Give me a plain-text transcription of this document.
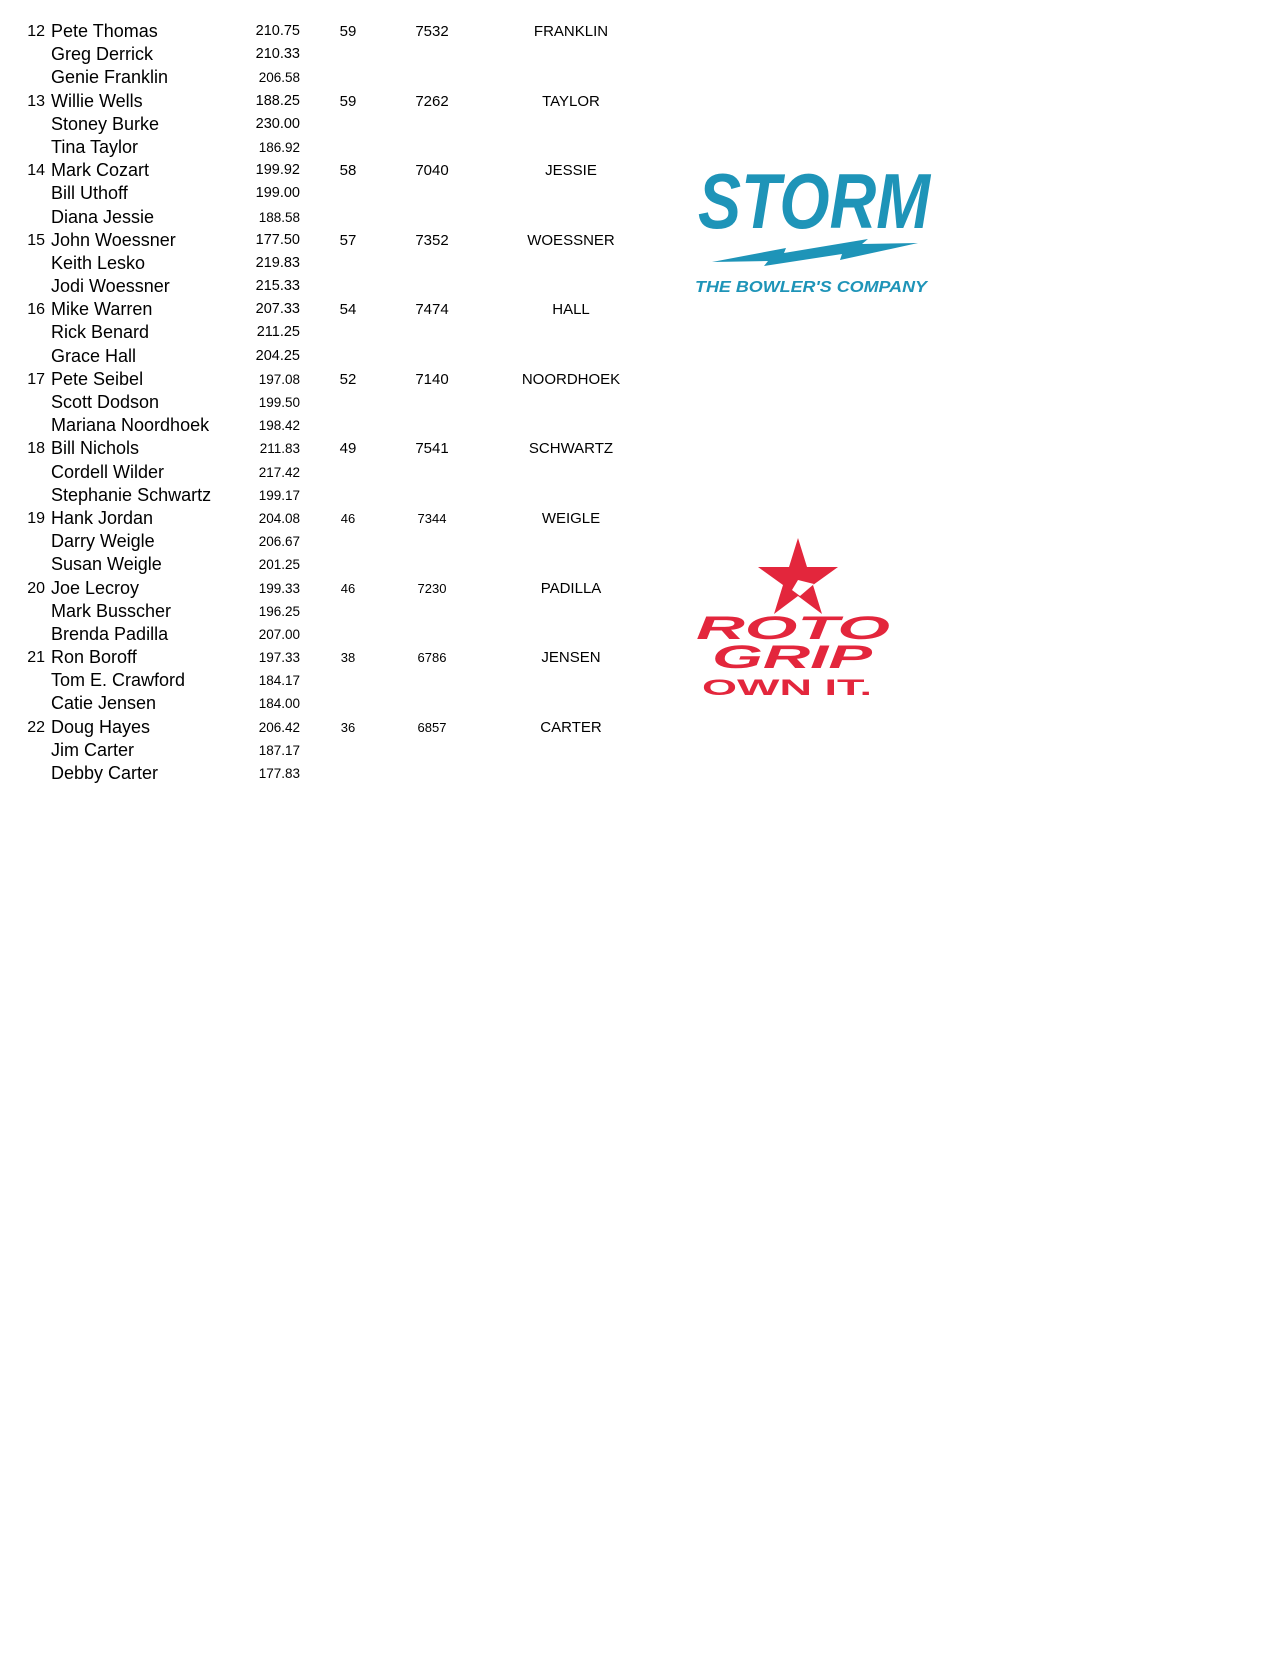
12 Pete Thomas	210.75	59	7532	FRANKLIN
Greg Derrick	210.33
Genie Franklin	206.58
13 Willie Wells	188.25	59	7262	TAYLOR
Stoney Burke	230.00
Tina Taylor	186.92
14 Mark Cozart	199.92	58	7040	JESSIE
Bill Uthoff	199.00
Diana Jessie	188.58
15 John Woessner	177.50	57	7352	WOESSNER
Keith Lesko	219.83
Jodi Woessner	215.33
16 Mike Warren	207.33	54	7474	HALL
Rick Benard	211.25
Grace Hall	204.25
17 Pete Seibel	197.08	52	7140	NOORDHOEK
Scott Dodson	199.50
Mariana Noordhoek	198.42
18 Bill Nichols	211.83	49	7541	SCHWARTZ
Cordell Wilder	217.42
Stephanie Schwartz	199.17
19 Hank Jordan	204.08	46	7344	WEIGLE
Darry Weigle	206.67
Susan Weigle	201.25
20 Joe Lecroy	199.33	46	7230	PADILLA
Mark Busscher	196.25
Brenda Padilla	207.00
21 Ron Boroff	197.33	38	6786	JENSEN
Tom E. Crawford	184.17
Catie Jensen	184.00
22 Doug Hayes	206.42	36	6857	CARTER
Jim Carter	187.17
Debby Carter	177.83
STORM
THE BOWLER'S COMPANY
ROTO
GRIP
OWN IT.
